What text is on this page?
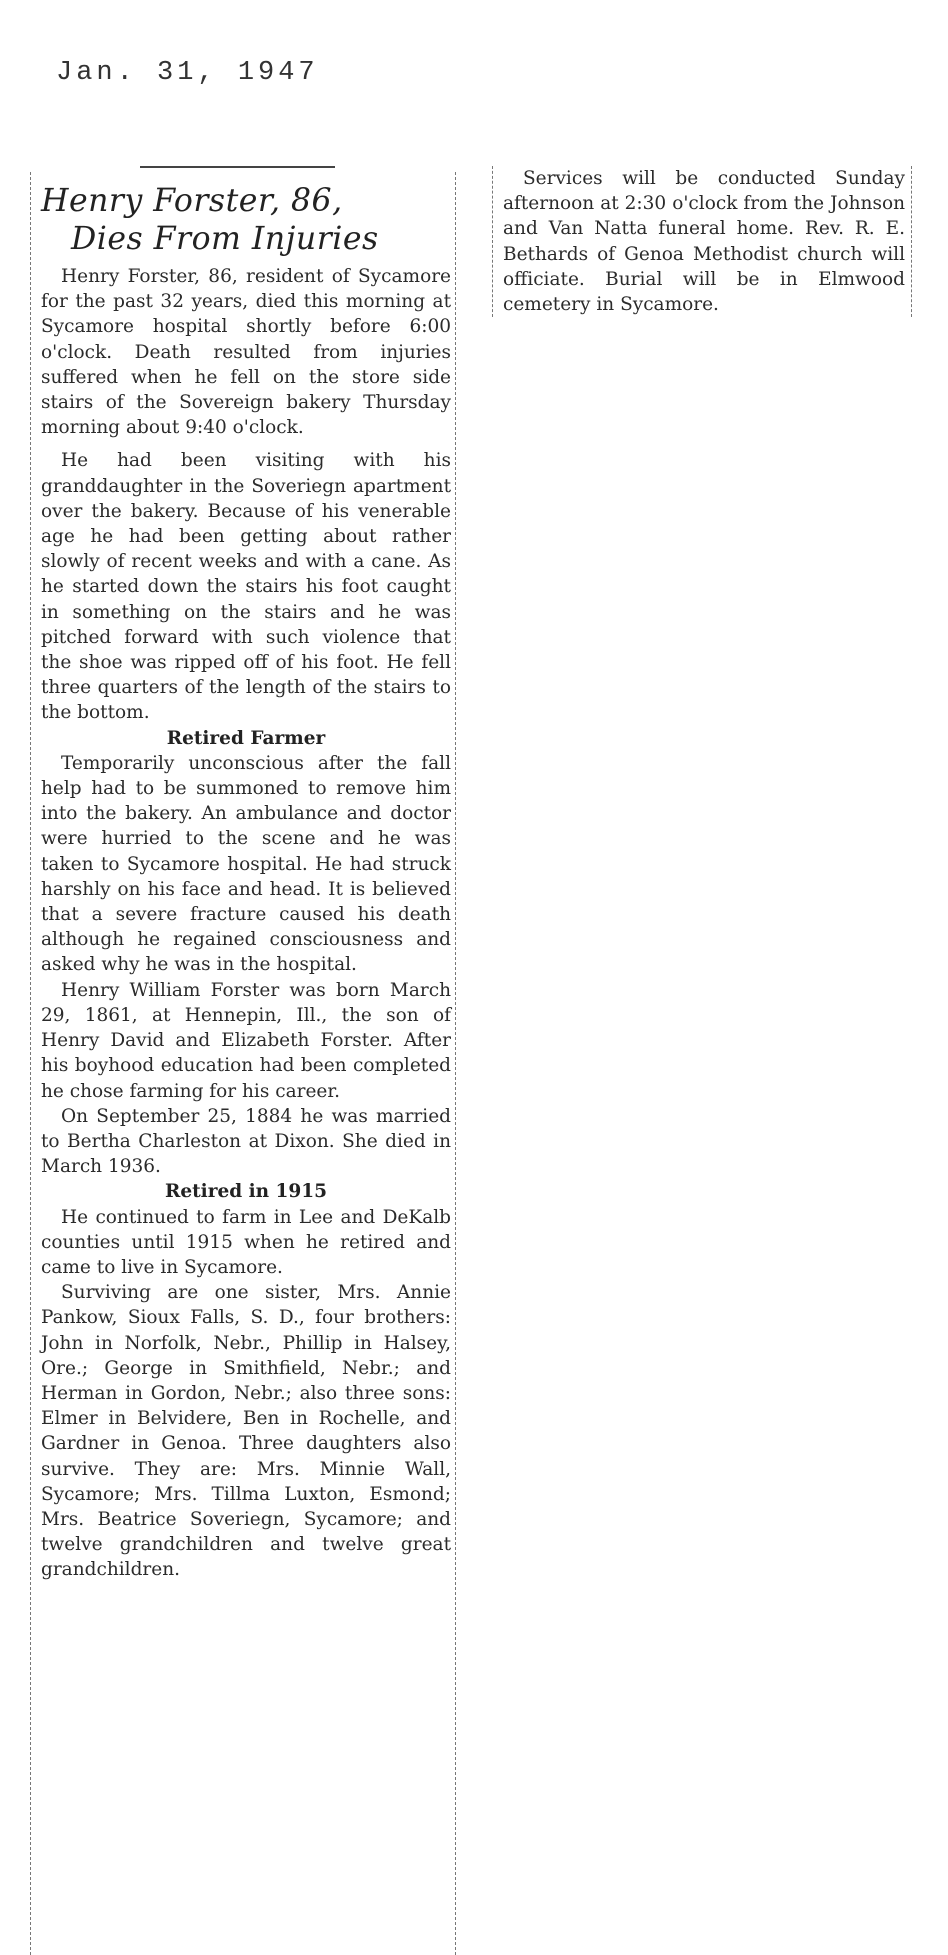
Jan. 31, 1947
Henry Forster, 86,
Dies From Injuries

Henry Forster, 86, resident of Sycamore for the past 32 years, died this morning at Sycamore hospital shortly before 6:00 o'clock. Death resulted from injuries suffered when he fell on the store side stairs of the Sovereign bakery Thursday morning about 9:40 o'clock.

He had been visiting with his granddaughter in the Soveriegn apartment over the bakery. Because of his venerable age he had been getting about rather slowly of recent weeks and with a cane. As he started down the stairs his foot caught in something on the stairs and he was pitched forward with such violence that the shoe was ripped off of his foot. He fell three quarters of the length of the stairs to the bottom.

Retired Farmer

Temporarily unconscious after the fall help had to be summoned to remove him into the bakery. An ambulance and doctor were hurried to the scene and he was taken to Sycamore hospital. He had struck harshly on his face and head. It is believed that a severe fracture caused his death although he regained consciousness and asked why he was in the hospital.

Henry William Forster was born March 29, 1861, at Hennepin, Ill., the son of Henry David and Elizabeth Forster. After his boyhood education had been completed he chose farming for his career.

On September 25, 1884 he was married to Bertha Charleston at Dixon. She died in March 1936.

Retired in 1915

He continued to farm in Lee and DeKalb counties until 1915 when he retired and came to live in Sycamore.

Surviving are one sister, Mrs. Annie Pankow, Sioux Falls, S. D., four brothers: John in Norfolk, Nebr., Phillip in Halsey, Ore.; George in Smithfield, Nebr.; and Herman in Gordon, Nebr.; also three sons: Elmer in Belvidere, Ben in Rochelle, and Gardner in Genoa. Three daughters also survive. They are: Mrs. Minnie Wall, Sycamore; Mrs. Tillma Luxton, Esmond; Mrs. Beatrice Soveriegn, Sycamore; and twelve grandchildren and twelve great grandchildren.

Services will be conducted Sunday afternoon at 2:30 o'clock from the Johnson and Van Natta funeral home. Rev. R. E. Bethards of Genoa Methodist church will officiate. Burial will be in Elmwood cemetery in Sycamore.
